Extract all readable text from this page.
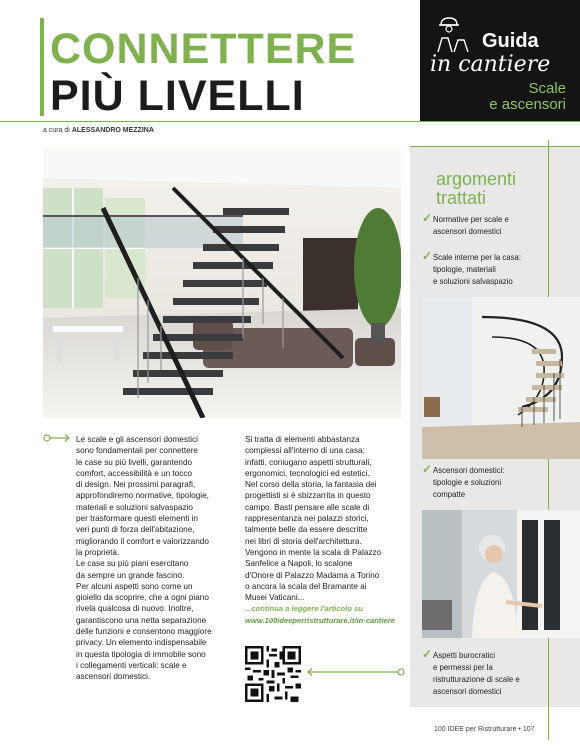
CONNETTERE
PIÙ LIVELLI
a cura di ALESSANDRO MEZZINA
Guida
in cantiere
Scale
e ascensori
argomenti
trattati
✓ Normative per scale e
ascensori domestici
✓ Scale interne per la casa:
tipologie, materiali
e soluzioni salvaspazio
✓ Ascensori domestici:
tipologie e soluzioni
compatte
✓ Aspetti burocratici
e permessi per la
ristrutturazione di scale e
ascensori domestici
Le scale e gli ascensori domestici
sono fondamentali per connettere
le case su più livelli, garantendo
comfort, accessibilità e un tocco
di design. Nei prossimi paragrafi,
approfondiremo normative, tipologie,
materiali e soluzioni salvaspazio
per trasformare questi elementi in
veri punti di forza dell'abitazione,
migliorando il comfort e valorizzando
la proprietà.
Le case su più piani esercitano
da sempre un grande fascino.
Per alcuni aspetti sono come un
gioiello da scoprire, che a ogni piano
rivela qualcosa di nuovo. Inoltre,
garantiscono una netta separazione
delle funzioni e consentono maggiore
privacy. Un elemento indispensabile
in questa tipologia di immobile sono
i collegamenti verticali: scale e
ascensori domestici.
Si tratta di elementi abbastanza
complessi all'interno di una casa:
infatti, coniugano aspetti strutturali,
ergonomici, tecnologici ed estetici.
Nel corso della storia, la fantasia dei
progettisti si è sbizzarrita in questo
campo. Basti pensare alle scale di
rappresentanza nei palazzi storici,
talmente belle da essere descritte
nei libri di storia dell'architettura.
Vengono in mente la scala di Palazzo
Sanfelice a Napoli, lo scalone
d'Onore di Palazzo Madama a Torino
o ancora la scala del Bramante ai
Musei Vaticani...
...continua a leggere l'articolo su
www.100ideeperristrutturare.it/in-cantiere
100 IDEE per Ristrutturare • 107
